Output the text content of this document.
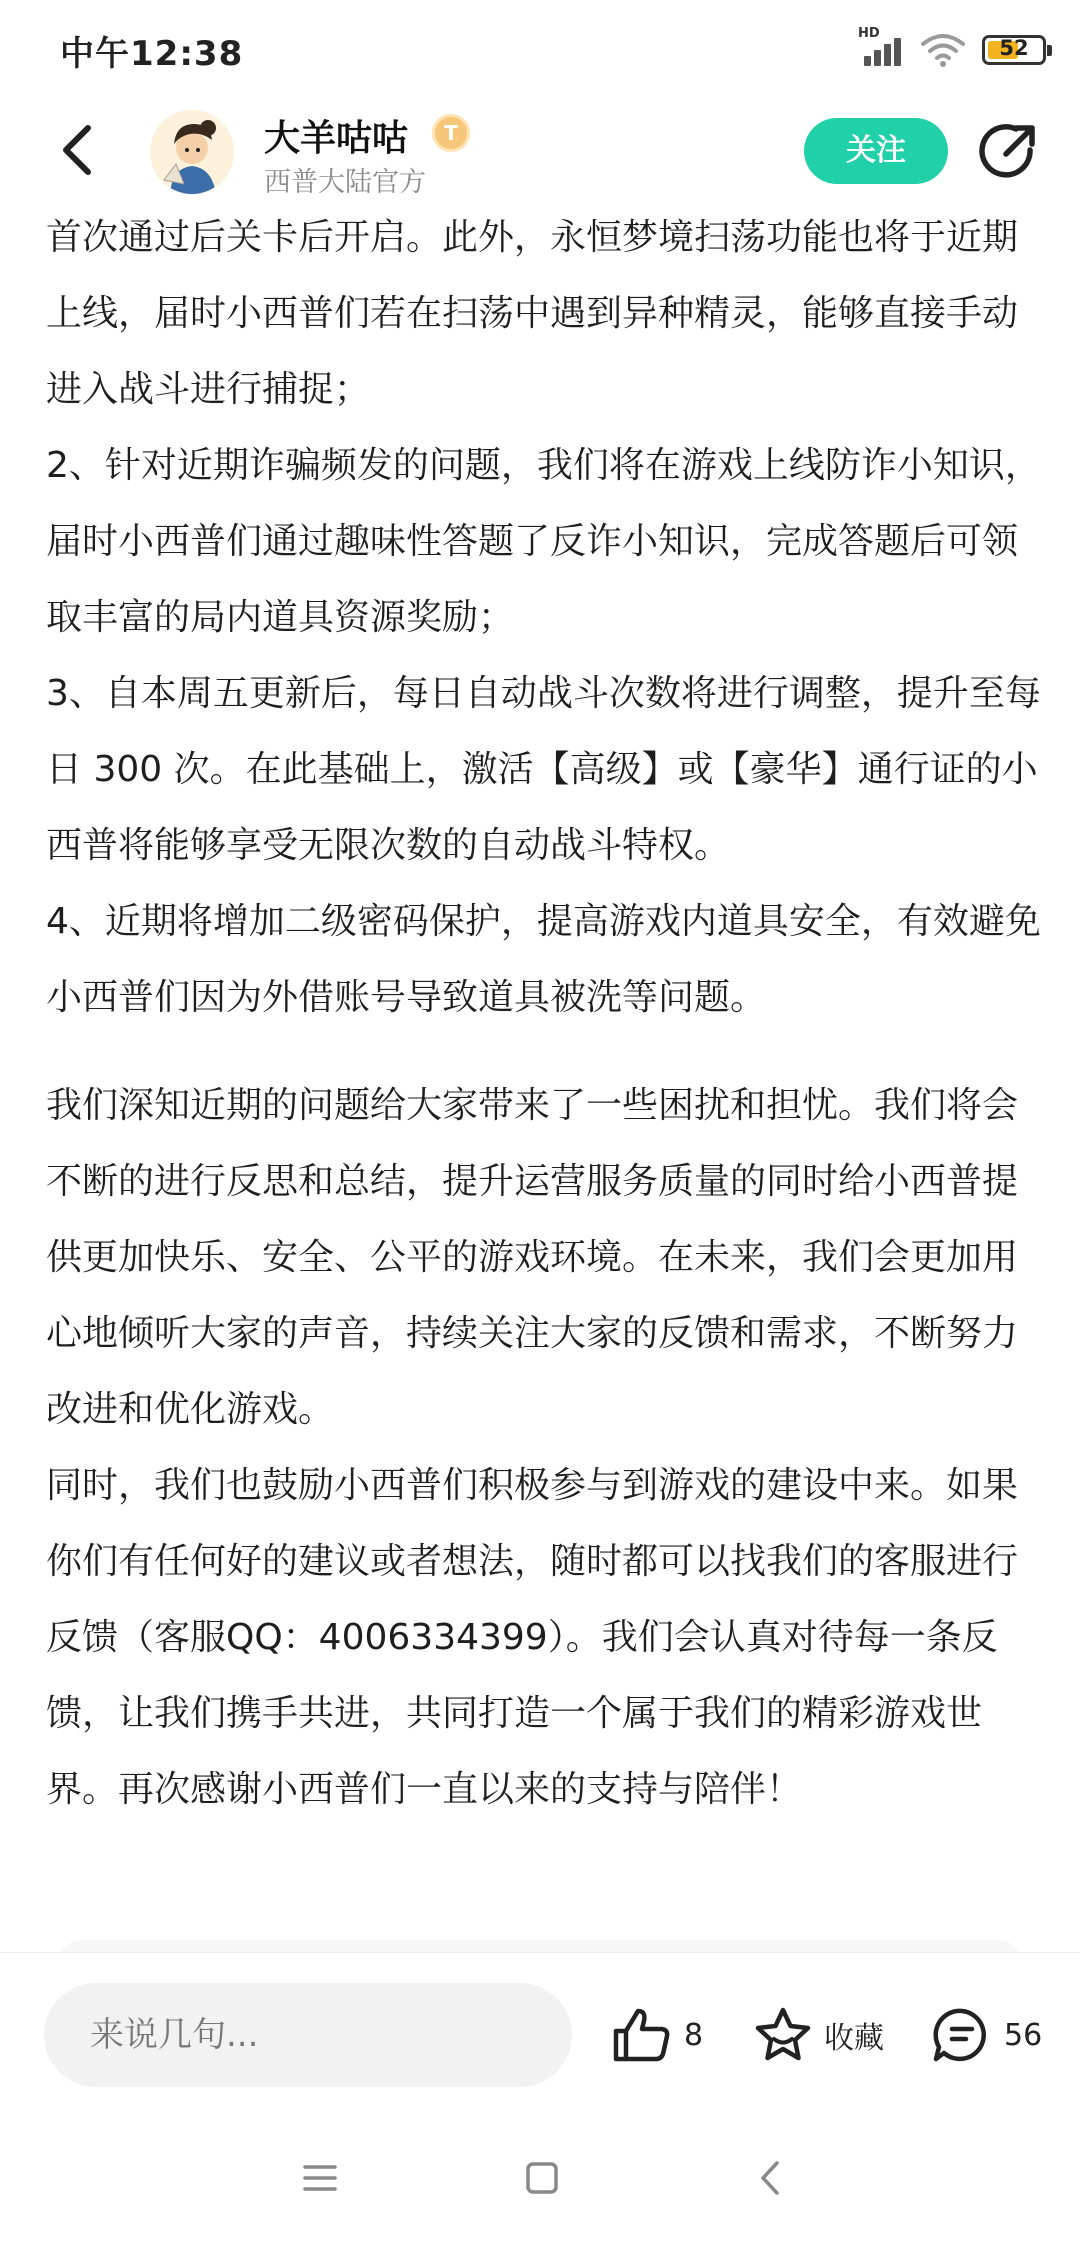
中午12:38
HD
52
大羊咕咕	T
西普大陆官方
关注

首次通过后关卡后开启。此外，永恒梦境扫荡功能也将于近期上线，届时小西普们若在扫荡中遇到异种精灵，能够直接手动进入战斗进行捕捉；

2、针对近期诈骗频发的问题，我们将在游戏上线防诈小知识，届时小西普们通过趣味性答题了反诈小知识，完成答题后可领取丰富的局内道具资源奖励；

3、自本周五更新后，每日自动战斗次数将进行调整，提升至每日 300 次。在此基础上，激活【高级】或【豪华】通行证的小西普将能够享受无限次数的自动战斗特权。

4、近期将增加二级密码保护，提高游戏内道具安全，有效避免小西普们因为外借账号导致道具被洗等问题。

我们深知近期的问题给大家带来了一些困扰和担忧。我们将会不断的进行反思和总结，提升运营服务质量的同时给小西普提供更加快乐、安全、公平的游戏环境。在未来，我们会更加用心地倾听大家的声音，持续关注大家的反馈和需求，不断努力改进和优化游戏。

同时，我们也鼓励小西普们积极参与到游戏的建设中来。如果你们有任何好的建议或者想法，随时都可以找我们的客服进行反馈（客服QQ：4006334399）。我们会认真对待每一条反馈，让我们携手共进，共同打造一个属于我们的精彩游戏世界。再次感谢小西普们一直以来的支持与陪伴！

来说几句...
8	收藏	56
